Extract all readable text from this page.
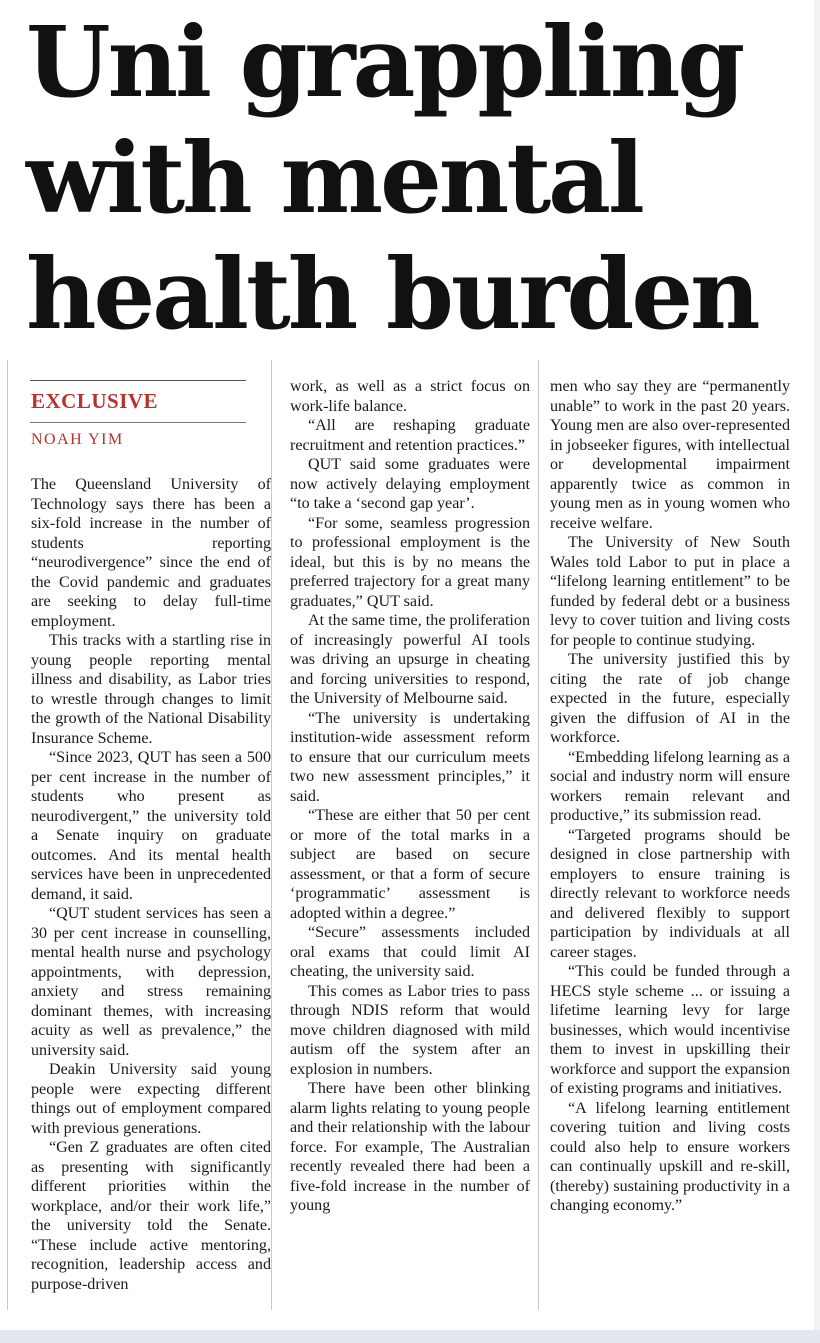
Uni grappling with mental health burden
EXCLUSIVE
NOAH YIM

The Queensland University of Technology says there has been a six-fold increase in the number of students reporting “neurodivergence” since the end of the Covid pandemic and graduates are seeking to delay full-time employment.

This tracks with a startling rise in young people reporting mental illness and disability, as Labor tries to wrestle through changes to limit the growth of the National Disability Insurance Scheme.

“Since 2023, QUT has seen a 500 per cent increase in the number of students who present as neurodivergent,” the university told a Senate inquiry on graduate outcomes. And its mental health services have been in unprecedented demand, it said.

“QUT student services has seen a 30 per cent increase in counselling, mental health nurse and psychology appointments, with depression, anxiety and stress remaining dominant themes, with increasing acuity as well as prevalence,” the university said.

Deakin University said young people were expecting different things out of employment compared with previous generations.

“Gen Z graduates are often cited as presenting with significantly different priorities within the workplace, and/or their work life,” the university told the Senate. “These include active mentoring, recognition, leadership access and purpose-driven

work, as well as a strict focus on work-life balance.

“All are reshaping graduate recruitment and retention practices.”

QUT said some graduates were now actively delaying employment “to take a ‘second gap year’.

“For some, seamless progression to professional employment is the ideal, but this is by no means the preferred trajectory for a great many graduates,” QUT said.

At the same time, the proliferation of increasingly powerful AI tools was driving an upsurge in cheating and forcing universities to respond, the University of Melbourne said.

“The university is undertaking institution-wide assessment reform to ensure that our curriculum meets two new assessment principles,” it said.

“These are either that 50 per cent or more of the total marks in a subject are based on secure assessment, or that a form of secure ‘programmatic’ assessment is adopted within a degree.”

“Secure” assessments included oral exams that could limit AI cheating, the university said.

This comes as Labor tries to pass through NDIS reform that would move children diagnosed with mild autism off the system after an explosion in numbers.

There have been other blinking alarm lights relating to young people and their relationship with the labour force. For example, The Australian recently revealed there had been a five-fold increase in the number of young

men who say they are “permanently unable” to work in the past 20 years. Young men are also over-represented in jobseeker figures, with intellectual or developmental impairment apparently twice as common in young men as in young women who receive welfare.

The University of New South Wales told Labor to put in place a “lifelong learning entitlement” to be funded by federal debt or a business levy to cover tuition and living costs for people to continue studying.

The university justified this by citing the rate of job change expected in the future, especially given the diffusion of AI in the workforce.

“Embedding lifelong learning as a social and industry norm will ensure workers remain relevant and productive,” its submission read.

“Targeted programs should be designed in close partnership with employers to ensure training is directly relevant to workforce needs and delivered flexibly to support participation by individuals at all career stages.

“This could be funded through a HECS style scheme ... or issuing a lifetime learning levy for large businesses, which would incentivise them to invest in upskilling their workforce and support the expansion of existing programs and initiatives.

“A lifelong learning entitlement covering tuition and living costs could also help to ensure workers can continually upskill and re-skill, (thereby) sustaining productivity in a changing economy.”
